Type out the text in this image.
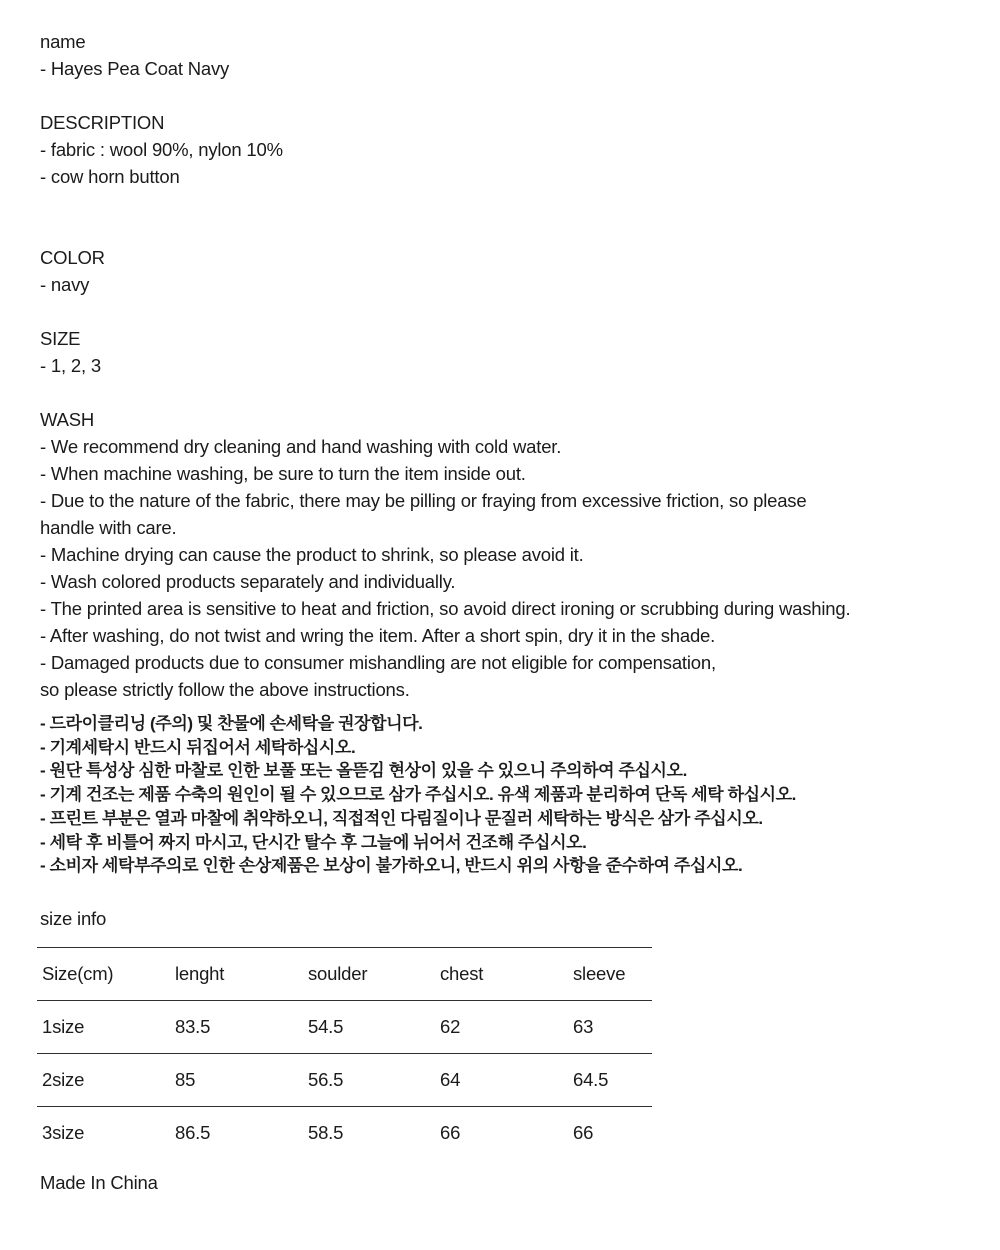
name
- Hayes Pea Coat Navy
DESCRIPTION
- fabric : wool 90%, nylon 10%
- cow horn button
COLOR
- navy
SIZE
- 1, 2, 3
WASH
- We recommend dry cleaning and hand washing with cold water.
- When machine washing, be sure to turn the item inside out.
- Due to the nature of the fabric, there may be pilling or fraying from excessive friction, so please
handle with care.
- Machine drying can cause the product to shrink, so please avoid it.
- Wash colored products separately and individually.
- The printed area is sensitive to heat and friction, so avoid direct ironing or scrubbing during washing.
- After washing, do not twist and wring the item. After a short spin, dry it in the shade.
- Damaged products due to consumer mishandling are not eligible for compensation,
so please strictly follow the above instructions.
- 드라이클리닝 (주의) 및 찬물에 손세탁을 권장합니다.
- 기계세탁시 반드시 뒤집어서 세탁하십시오.
- 원단 특성상 심한 마찰로 인한 보풀 또는 올뜯김 현상이 있을 수 있으니 주의하여 주십시오.
- 기계 건조는 제품 수축의 원인이 될 수 있으므로 삼가 주십시오. 유색 제품과 분리하여 단독 세탁 하십시오.
- 프린트 부분은 열과 마찰에 취약하오니, 직접적인 다림질이나 문질러 세탁하는 방식은 삼가 주십시오.
- 세탁 후 비틀어 짜지 마시고, 단시간 탈수 후 그늘에 뉘어서 건조해 주십시오.
- 소비자 세탁부주의로 인한 손상제품은 보상이 불가하오니, 반드시 위의 사항을 준수하여 주십시오.
size info
Size(cm)	lenght	soulder	chest	sleeve
1size	83.5	54.5	62	63
2size	85	56.5	64	64.5
3size	86.5	58.5	66	66
Made In China
